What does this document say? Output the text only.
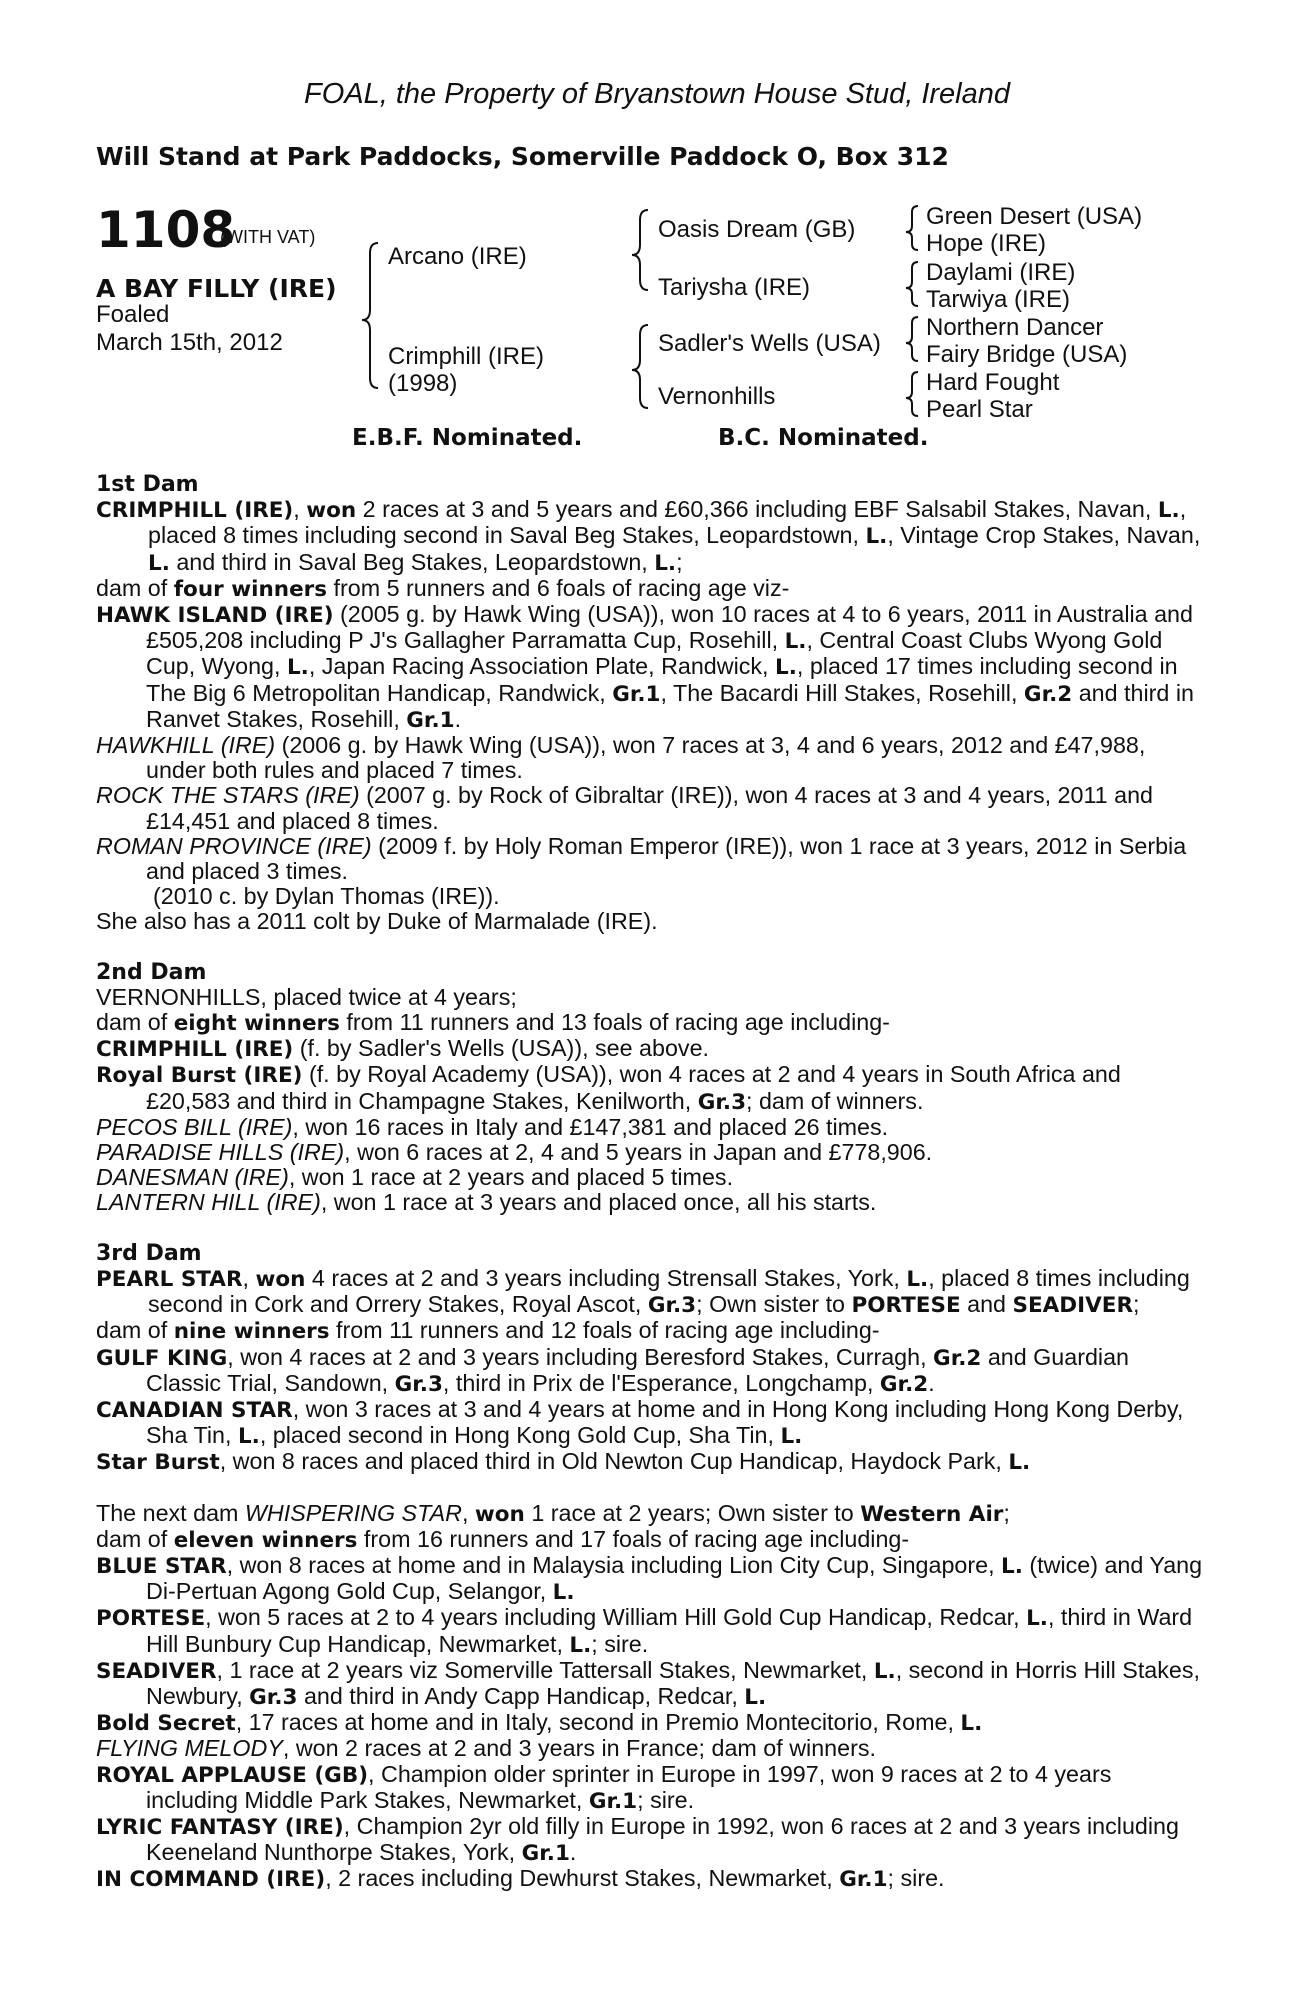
FOAL, the Property of Bryanstown House Stud, Ireland
Will Stand at Park Paddocks, Somerville Paddock O, Box 312
1108
(WITH VAT)
A BAY FILLY (IRE)
Foaled
March 15th, 2012
Arcano (IRE)
Crimphill (IRE)
(1998)
Oasis Dream (GB)
Tariysha (IRE)
Sadler's Wells (USA)
Vernonhills
Green Desert (USA)
Hope (IRE)
Daylami (IRE)
Tarwiya (IRE)
Northern Dancer
Fairy Bridge (USA)
Hard Fought
Pearl Star
E.B.F. Nominated.	B.C. Nominated.

1st Dam

CRIMPHILL (IRE), won 2 races at 3 and 5 years and £60,366 including EBF Salsabil Stakes, Navan, L., placed 8 times including second in Saval Beg Stakes, Leopardstown, L., Vintage Crop Stakes, Navan, L. and third in Saval Beg Stakes, Leopardstown, L.;

dam of four winners from 5 runners and 6 foals of racing age viz-

HAWK ISLAND (IRE) (2005 g. by Hawk Wing (USA)), won 10 races at 4 to 6 years, 2011 in Australia and £505,208 including P J's Gallagher Parramatta Cup, Rosehill, L., Central Coast Clubs Wyong Gold Cup, Wyong, L., Japan Racing Association Plate, Randwick, L., placed 17 times including second in The Big 6 Metropolitan Handicap, Randwick, Gr.1, The Bacardi Hill Stakes, Rosehill, Gr.2 and third in Ranvet Stakes, Rosehill, Gr.1.

HAWKHILL (IRE) (2006 g. by Hawk Wing (USA)), won 7 races at 3, 4 and 6 years, 2012 and £47,988, under both rules and placed 7 times.

ROCK THE STARS (IRE) (2007 g. by Rock of Gibraltar (IRE)), won 4 races at 3 and 4 years, 2011 and £14,451 and placed 8 times.

ROMAN PROVINCE (IRE) (2009 f. by Holy Roman Emperor (IRE)), won 1 race at 3 years, 2012 in Serbia and placed 3 times.

(2010 c. by Dylan Thomas (IRE)).

She also has a 2011 colt by Duke of Marmalade (IRE).

2nd Dam

VERNONHILLS, placed twice at 4 years;

dam of eight winners from 11 runners and 13 foals of racing age including-

CRIMPHILL (IRE) (f. by Sadler's Wells (USA)), see above.

Royal Burst (IRE) (f. by Royal Academy (USA)), won 4 races at 2 and 4 years in South Africa and £20,583 and third in Champagne Stakes, Kenilworth, Gr.3; dam of winners.

PECOS BILL (IRE), won 16 races in Italy and £147,381 and placed 26 times.

PARADISE HILLS (IRE), won 6 races at 2, 4 and 5 years in Japan and £778,906.

DANESMAN (IRE), won 1 race at 2 years and placed 5 times.

LANTERN HILL (IRE), won 1 race at 3 years and placed once, all his starts.

3rd Dam

PEARL STAR, won 4 races at 2 and 3 years including Strensall Stakes, York, L., placed 8 times including second in Cork and Orrery Stakes, Royal Ascot, Gr.3; Own sister to PORTESE and SEADIVER;

dam of nine winners from 11 runners and 12 foals of racing age including-

GULF KING, won 4 races at 2 and 3 years including Beresford Stakes, Curragh, Gr.2 and Guardian Classic Trial, Sandown, Gr.3, third in Prix de l'Esperance, Longchamp, Gr.2.

CANADIAN STAR, won 3 races at 3 and 4 years at home and in Hong Kong including Hong Kong Derby, Sha Tin, L., placed second in Hong Kong Gold Cup, Sha Tin, L.

Star Burst, won 8 races and placed third in Old Newton Cup Handicap, Haydock Park, L.

The next dam WHISPERING STAR, won 1 race at 2 years; Own sister to Western Air;

dam of eleven winners from 16 runners and 17 foals of racing age including-

BLUE STAR, won 8 races at home and in Malaysia including Lion City Cup, Singapore, L. (twice) and Yang Di-Pertuan Agong Gold Cup, Selangor, L.

PORTESE, won 5 races at 2 to 4 years including William Hill Gold Cup Handicap, Redcar, L., third in Ward Hill Bunbury Cup Handicap, Newmarket, L.; sire.

SEADIVER, 1 race at 2 years viz Somerville Tattersall Stakes, Newmarket, L., second in Horris Hill Stakes, Newbury, Gr.3 and third in Andy Capp Handicap, Redcar, L.

Bold Secret, 17 races at home and in Italy, second in Premio Montecitorio, Rome, L.

FLYING MELODY, won 2 races at 2 and 3 years in France; dam of winners.

ROYAL APPLAUSE (GB), Champion older sprinter in Europe in 1997, won 9 races at 2 to 4 years including Middle Park Stakes, Newmarket, Gr.1; sire.

LYRIC FANTASY (IRE), Champion 2yr old filly in Europe in 1992, won 6 races at 2 and 3 years including Keeneland Nunthorpe Stakes, York, Gr.1.

IN COMMAND (IRE), 2 races including Dewhurst Stakes, Newmarket, Gr.1; sire.
